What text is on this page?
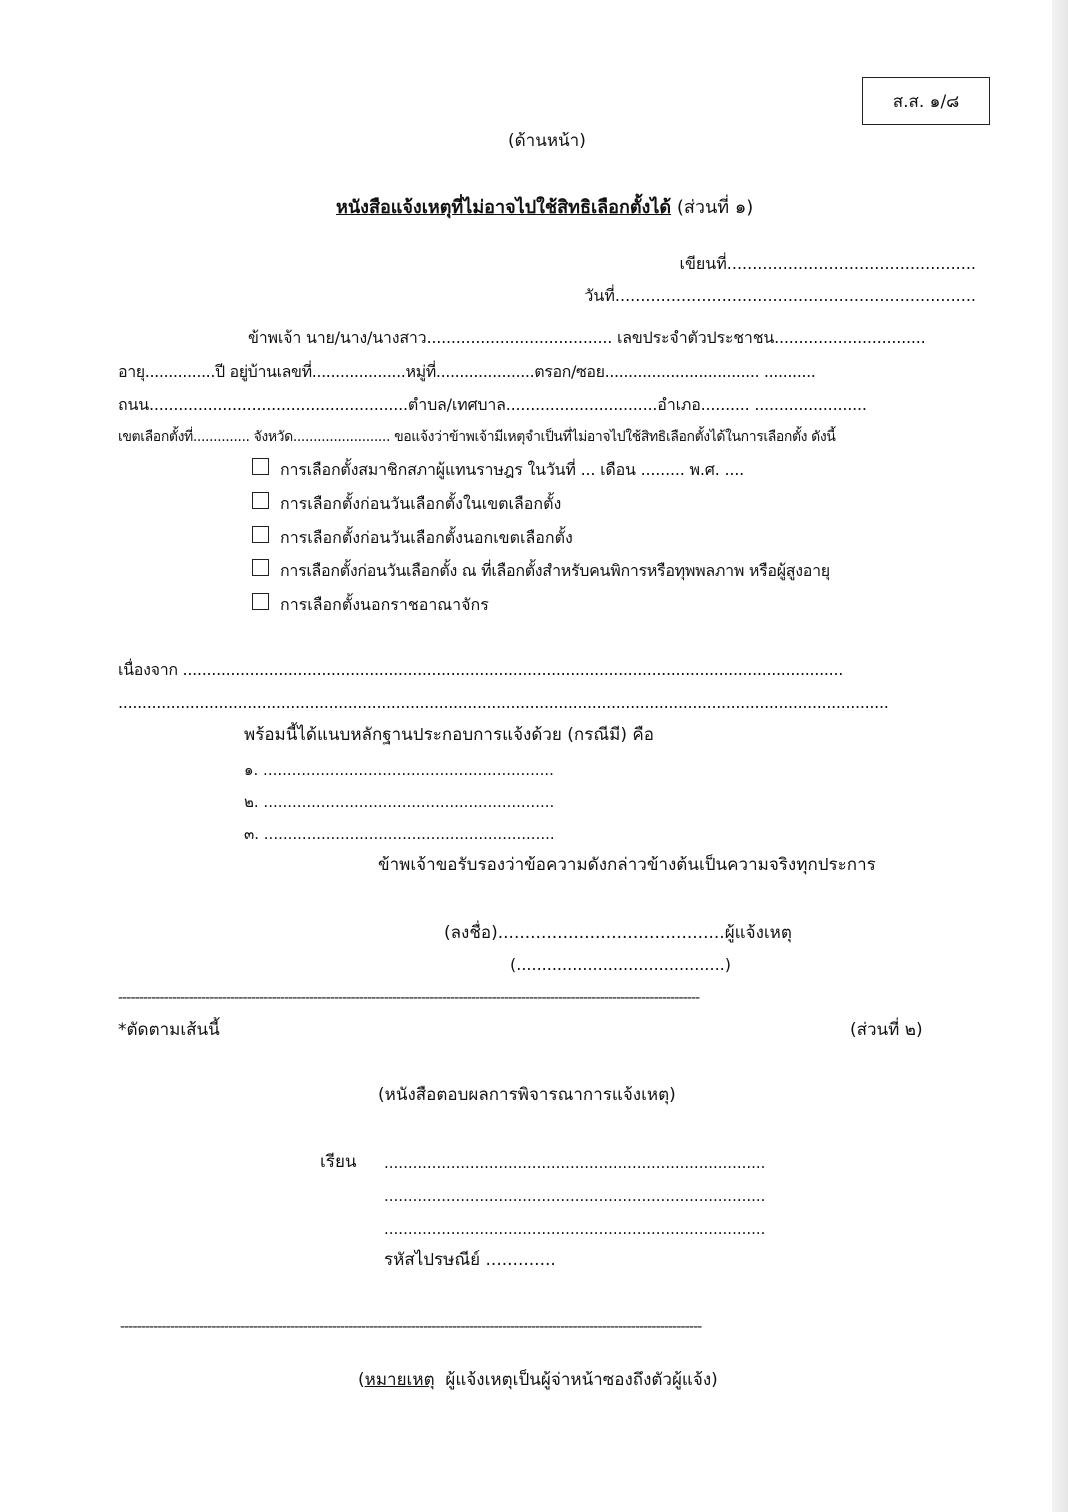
ส.ส. ๑/๘
(ด้านหน้า)
หนังสือแจ้งเหตุที่ไม่อาจไปใช้สิทธิเลือกตั้งได้ (ส่วนที่ ๑)
เขียนที่.................................................
วันที่.......................................................................
ข้าพเจ้า นาย/นาง/นางสาว...................................... เลขประจำตัวประชาชน...............................
อายุ...............ปี อยู่บ้านเลขที่....................หมู่ที่.....................ตรอก/ซอย................................. ...........
ถนน.....................................................ตำบล/เทศบาล...............................อำเภอ.......... .......................
เขตเลือกตั้งที่.............. จังหวัด........................ ขอแจ้งว่าข้าพเจ้ามีเหตุจำเป็นที่ไม่อาจไปใช้สิทธิเลือกตั้งได้ในการเลือกตั้ง ดังนี้
การเลือกตั้งสมาชิกสภาผู้แทนราษฎร ในวันที่ ... เดือน ......... พ.ศ. ....
การเลือกตั้งก่อนวันเลือกตั้งในเขตเลือกตั้ง
การเลือกตั้งก่อนวันเลือกตั้งนอกเขตเลือกตั้ง
การเลือกตั้งก่อนวันเลือกตั้ง ณ ที่เลือกตั้งสำหรับคนพิการหรือทุพพลภาพ หรือผู้สูงอายุ
การเลือกตั้งนอกราชอาณาจักร
เนื่องจาก ..........................................................................................................................................
.................................................................................................................................................................
พร้อมนี้ได้แนบหลักฐานประกอบการแจ้งด้วย (กรณีมี) คือ
๑. .............................................................
๒. .............................................................
๓. .............................................................
ข้าพเจ้าขอรับรองว่าข้อความดังกล่าวข้างต้นเป็นความจริงทุกประการ
(ลงชื่อ)..........................................ผู้แจ้งเหตุ
(.........................................)
--------------------------------------------------------------------------------------------------------------------------------------------
*ตัดตามเส้นนี้	(ส่วนที่ ๒)
(หนังสือตอบผลการพิจารณาการแจ้งเหตุ)
เรียน ................................................................................
................................................................................
................................................................................
รหัสไปรษณีย์ .............
--------------------------------------------------------------------------------------------------------------------------------------------
(หมายเหตุ  ผู้แจ้งเหตุเป็นผู้จ่าหน้าซองถึงตัวผู้แจ้ง)
